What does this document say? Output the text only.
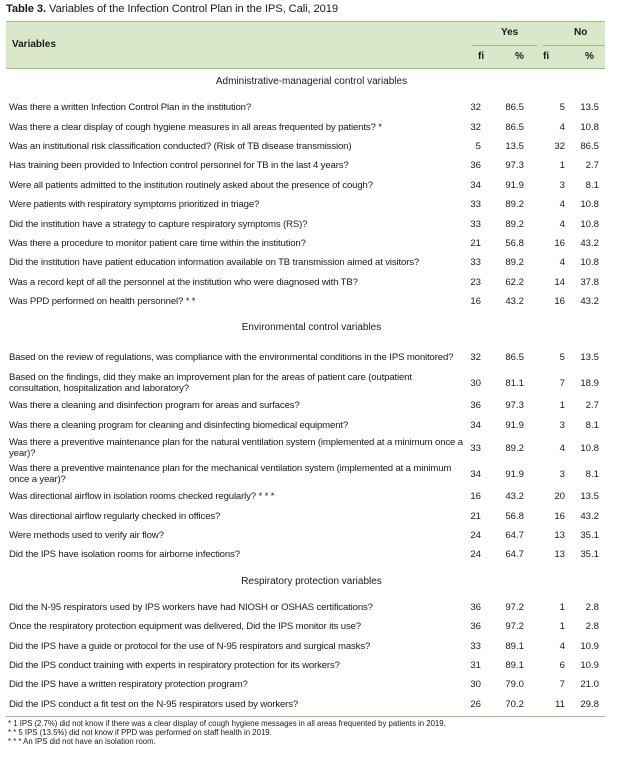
Table 3. Variables of the Infection Control Plan in the IPS, Cali, 2019
Variables
Yes	No
fi	% fi	%
Administrative-managerial control variables
Was there a written Infection Control Plan in the institution?	32	86.5	5 13.5
Was there a clear display of cough hygiene measures in all areas frequented by patients? *	32	86.5	4 10.8
Was an institutional risk classification conducted? (Risk of TB disease transmission)	5	13.5	32 86.5
Has training been provided to Infection control personnel for TB in the last 4 years?	36	97.3	1 2.7
Were all patients admitted to the institution routinely asked about the presence of cough?	34	91.9	3 8.1
Were patients with respiratory symptoms prioritized in triage?	33	89.2	4 10.8
Did the institution have a strategy to capture respiratory symptoms (RS)?	33	89.2	4 10.8
Was there a procedure to monitor patient care time within the institution?	21	56.8	16 43.2
Did the institution have patient education information available on TB transmission aimed at visitors?	33	89.2	4 10.8
Was a record kept of all the personnel at the institution who were diagnosed with TB?	23	62.2	14 37.8
Was PPD performed on health personnel? * *	16	43.2	16 43.2
Environmental control variables
Based on the review of regulations, was compliance with the environmental conditions in the IPS monitored?	32	86.5	5 13.5
Based on the findings, did they make an improvement plan for the areas of patient care (outpatient consultation, hospitalization and laboratory?	30	81.1	7 18.9
Was there a cleaning and disinfection program for areas and surfaces?	36	97.3	1 2.7
Was there a cleaning program for cleaning and disinfecting biomedical equipment?	34	91.9	3 8.1
Was there a preventive maintenance plan for the natural ventilation system (implemented at a minimum once a year)?	33	89.2	4 10.8
Was there a preventive maintenance plan for the mechanical ventilation system (implemented at a minimum once a year)?	34	91.9	3 8.1
Was directional airflow in isolation rooms checked regularly? * * *	16	43.2	20 13.5
Was directional airflow regularly checked in offices?	21	56.8	16 43.2
Were methods used to verify air flow?	24	64.7	13 35.1
Did the IPS have isolation rooms for airborne infections?	24	64.7	13 35.1
Respiratory protection variables
Did the N-95 respirators used by IPS workers have had NIOSH or OSHAS certifications?	36	97.2	1 2.8
Once the respiratory protection equipment was delivered, Did the IPS monitor its use?	36	97.2	1 2.8
Did the IPS have a guide or protocol for the use of N-95 respirators and surgical masks?	33	89.1	4 10.9
Did the IPS conduct training with experts in respiratory protection for its workers?	31	89.1	6 10.9
Did the IPS have a written respiratory protection program?	30	79.0	7 21.0
Did the IPS conduct a fit test on the N-95 respirators used by workers?	26	70.2	11 29.8
* 1 IPS (2.7%) did not know if there was a clear display of cough hygiene messages in all areas frequented by patients in 2019.
* * 5 IPS (13.5%) did not know if PPD was performed on staff health in 2019.
* * * An IPS did not have an isolation room.
